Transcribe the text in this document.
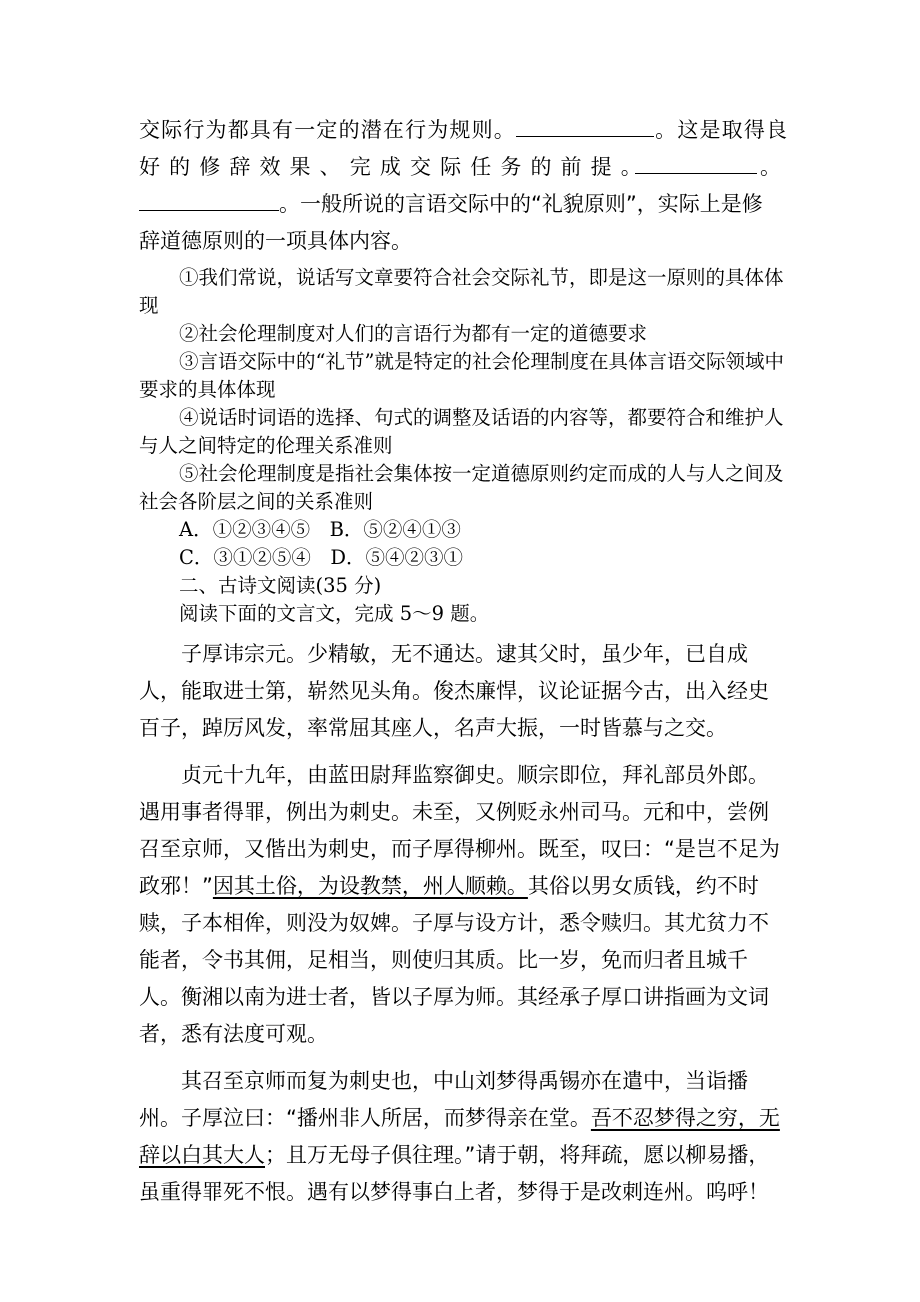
交际行为都具有一定的潜在行为规则。	。这是取得良

好的修辞效果、完成交际任务的前提。	。

。一般所说的言语交际中的“礼貌原则”，实际上是修

辞道德原则的一项具体内容。

①我们常说，说话写文章要符合社会交际礼节，即是这一原则的具体体现

②社会伦理制度对人们的言语行为都有一定的道德要求

③言语交际中的“礼节”就是特定的社会伦理制度在具体言语交际领域中要求的具体体现

④说话时词语的选择、句式的调整及话语的内容等，都要符合和维护人与人之间特定的伦理关系准则

⑤社会伦理制度是指社会集体按一定道德原则约定而成的人与人之间及社会各阶层之间的关系准则

A．①②③④⑤　B．⑤②④①③

C．③①②⑤④　D．⑤④②③①

二、古诗文阅读(35 分)

阅读下面的文言文，完成 5～9 题。

子厚讳宗元。少精敏，无不通达。逮其父时，虽少年，已自成人，能取进士第，崭然见头角。俊杰廉悍，议论证据今古，出入经史百子，踔厉风发，率常屈其座人，名声大振，一时皆慕与之交。

贞元十九年，由蓝田尉拜监察御史。顺宗即位，拜礼部员外郎。遇用事者得罪，例出为刺史。未至，又例贬永州司马。元和中，尝例召至京师，又偕出为刺史，而子厚得柳州。既至，叹曰：“是岂不足为政邪！”因其土俗，为设教禁，州人顺赖。其俗以男女质钱，约不时赎，子本相侔，则没为奴婢。子厚与设方计，悉令赎归。其尤贫力不能者，令书其佣，足相当，则使归其质。比一岁，免而归者且城千人。衡湘以南为进士者，皆以子厚为师。其经承子厚口讲指画为文词者，悉有法度可观。

其召至京师而复为刺史也，中山刘梦得禹锡亦在遣中，当诣播州。子厚泣曰：“播州非人所居，而梦得亲在堂。吾不忍梦得之穷，无辞以白其大人；且万无母子俱往理。”请于朝，将拜疏，愿以柳易播，虽重得罪死不恨。遇有以梦得事白上者，梦得于是改刺连州。呜呼！
